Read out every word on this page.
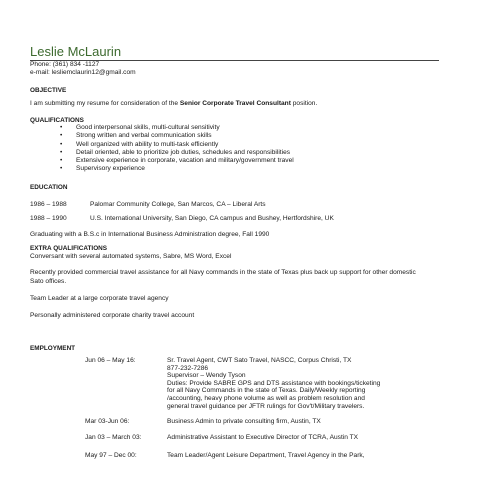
Leslie McLaurin
Phone: (361) 834 -1127
e-mail: lesliemclaurin12@gmail.com
OBJECTIVE
I am submitting my resume for consideration of the Senior Corporate Travel Consultant position.
QUALIFICATIONS
• Good interpersonal skills, multi-cultural sensitivity
• Strong written and verbal communication skills
• Well organized with ability to multi-task efficiently
• Detail oriented, able to prioritize job duties, schedules and responsibilities
• Extensive experience in corporate, vacation and military/government travel
• Supervisory experience
EDUCATION
1986 – 1988	Palomar Community College, San Marcos, CA – Liberal Arts
1988 – 1990	U.S. International University, San Diego, CA campus and Bushey, Hertfordshire, UK
Graduating with a B.S.c in International Business Administration degree, Fall 1990
EXTRA QUALIFICATIONS
Conversant with several automated systems, Sabre, MS Word, Excel
Recently provided commercial travel assistance for all Navy commands in the state of Texas plus back up support for other domestic Sato offices.
Team Leader at a large corporate travel agency
Personally administered corporate charity travel account
EMPLOYMENT
Jun 06 – May 16:	Sr. Travel Agent, CWT Sato Travel, NASCC, Corpus Christi, TX
877-232-7286
Supervisor – Wendy Tyson
Duties: Provide SABRE GPS and DTS assistance with bookings/ticketing
for all Navy Commands in the state of Texas. Daily/Weekly reporting
/accounting, heavy phone volume as well as problem resolution and
general travel guidance per JFTR rulings for Gov't/Military travelers.
Mar 03-Jun 06:	Business Admin to private consulting firm, Austin, TX
Jan 03 – March 03:	Administrative Assistant to Executive Director of TCRA, Austin TX
May 97 – Dec 00:	Team Leader/Agent Leisure Department, Travel Agency in the Park,
